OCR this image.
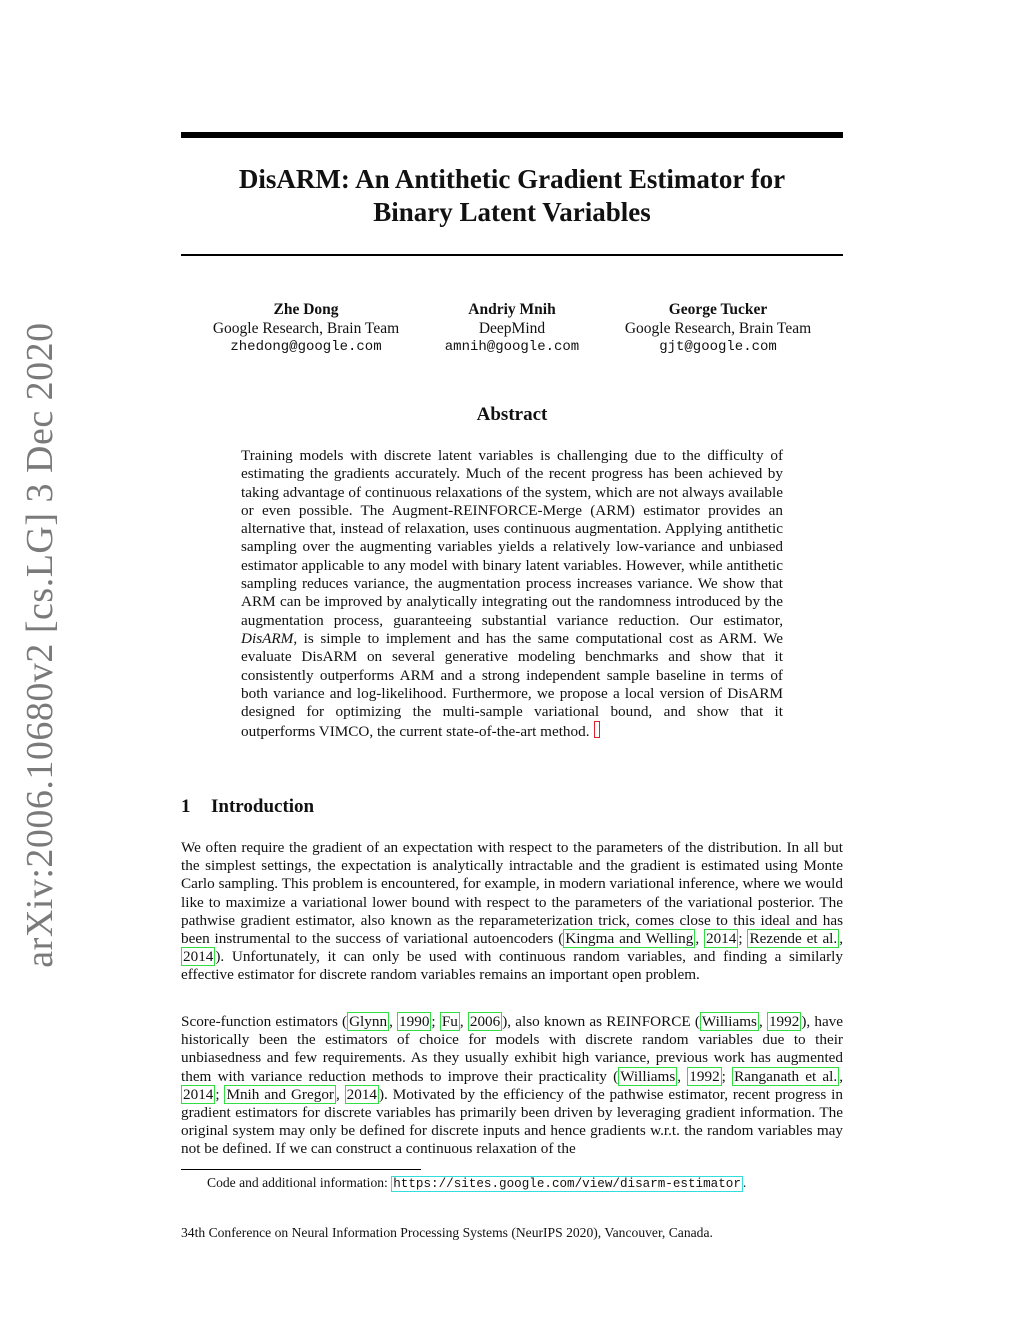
arXiv:2006.10680v2 [cs.LG] 3 Dec 2020
DisARM: An Antithetic Gradient Estimator for
Binary Latent Variables
Zhe Dong
Google Research, Brain Team
zhedong@google.com
Andriy Mnih
DeepMind
amnih@google.com
George Tucker
Google Research, Brain Team
gjt@google.com
Abstract
Training models with discrete latent variables is challenging due to the difficulty of estimating the gradients accurately. Much of the recent progress has been achieved by taking advantage of continuous relaxations of the system, which are not always available or even possible. The Augment-REINFORCE-Merge (ARM) estimator provides an alternative that, instead of relaxation, uses continuous augmentation. Applying antithetic sampling over the augmenting variables yields a relatively low-variance and unbiased estimator applicable to any model with binary latent variables. However, while antithetic sampling reduces variance, the augmentation process increases variance. We show that ARM can be improved by analytically integrating out the randomness introduced by the augmentation process, guaranteeing substantial variance reduction. Our estimator, DisARM, is simple to implement and has the same computational cost as ARM. We evaluate DisARM on several generative modeling benchmarks and show that it consistently outperforms ARM and a strong independent sample baseline in terms of both variance and log-likelihood. Furthermore, we propose a local version of DisARM designed for optimizing the multi-sample variational bound, and show that it outperforms VIMCO, the current state-of-the-art method.
1 Introduction
We often require the gradient of an expectation with respect to the parameters of the distribution. In all but the simplest settings, the expectation is analytically intractable and the gradient is estimated using Monte Carlo sampling. This problem is encountered, for example, in modern variational inference, where we would like to maximize a variational lower bound with respect to the parameters of the variational posterior. The pathwise gradient estimator, also known as the reparameterization trick, comes close to this ideal and has been instrumental to the success of variational autoencoders ( Kingma and Welling , 2014 ; Rezende et al. , 2014 ). Unfortunately, it can only be used with continuous random variables, and finding a similarly effective estimator for discrete random variables remains an important open problem.
Score-function estimators ( Glynn , 1990 ; Fu , 2006 ), also known as REINFORCE ( Williams , 1992 ), have historically been the estimators of choice for models with discrete random variables due to their unbiasedness and few requirements. As they usually exhibit high variance, previous work has augmented them with variance reduction methods to improve their practicality ( Williams , 1992 ; Ranganath et al. , 2014 ; Mnih and Gregor , 2014 ). Motivated by the efficiency of the pathwise estimator, recent progress in gradient estimators for discrete variables has primarily been driven by leveraging gradient information. The original system may only be defined for discrete inputs and hence gradients w.r.t. the random variables may not be defined. If we can construct a continuous relaxation of the
Code and additional information: https://sites.google.com/view/disarm-estimator .
34th Conference on Neural Information Processing Systems (NeurIPS 2020), Vancouver, Canada.
